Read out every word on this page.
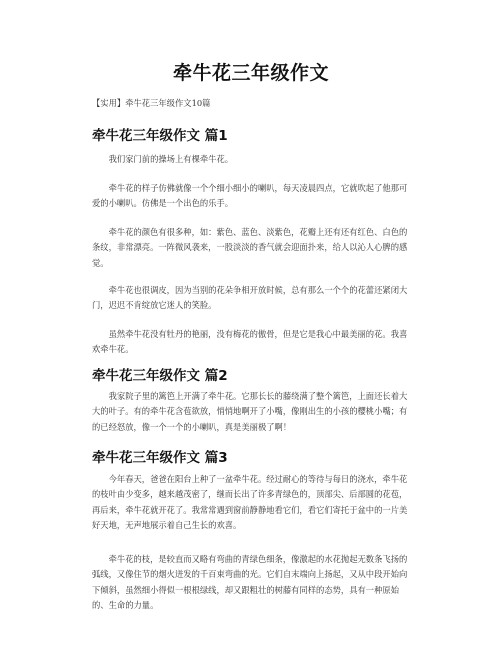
牵牛花三年级作文

【实用】牵牛花三年级作文10篇

牵牛花三年级作文 篇1

　　我们家门前的操场上有棵牵牛花。

　　牵牛花的样子仿佛就像一个个细小细小的喇叭，每天凌晨四点，它就吹起了他那可爱的小喇叭。仿佛是一个出色的乐手。

　　牵牛花的颜色有很多种，如：紫色、蓝色、淡紫色，花瓣上还有还有红色、白色的条纹，非常漂亮。一阵微风袭来，一股淡淡的香气就会迎面扑来，给人以沁人心脾的感觉。

　　牵牛花也很调皮，因为当别的花朵争相开放时候，总有那么一个个的花蕾还紧闭大门，迟迟不肯绽放它迷人的笑脸。

　　虽然牵牛花没有牡丹的艳丽，没有梅花的傲骨，但是它是我心中最美丽的花。我喜欢牵牛花。

牵牛花三年级作文 篇2

　　我家院子里的篱笆上开满了牵牛花。它那长长的藤绕满了整个篱笆，上面还长着大大的叶子。有的牵牛花含苞欲放，悄悄地啊开了小嘴，像刚出生的小孩的樱桃小嘴；有的已经怒放，像一个一个的小喇叭，真是美丽极了啊！

牵牛花三年级作文 篇3

　　今年春天，爸爸在阳台上种了一盆牵牛花。经过耐心的等待与每日的浇水，牵牛花的枝叶由少变多，越来越茂密了，继而长出了许多青绿色的，顶部尖、后部圆的花苞，再后来，牵牛花就开花了。我常常遇到窗前静静地看它们，看它们寄托于盆中的一片美好天地，无声地展示着自己生长的欢喜。

　　牵牛花的枝，是较直而又略有弯曲的青绿色细条，像激起的水花抛起无数条飞扬的弧线，又像住节的烟火迸发的千百束弯曲的光。它们自末端向上扬起，又从中段开始向下倾斜，虽然细小得似一根根绿线，却又跟粗壮的树藤有同样的态势，具有一种原始的、生命的力量。
